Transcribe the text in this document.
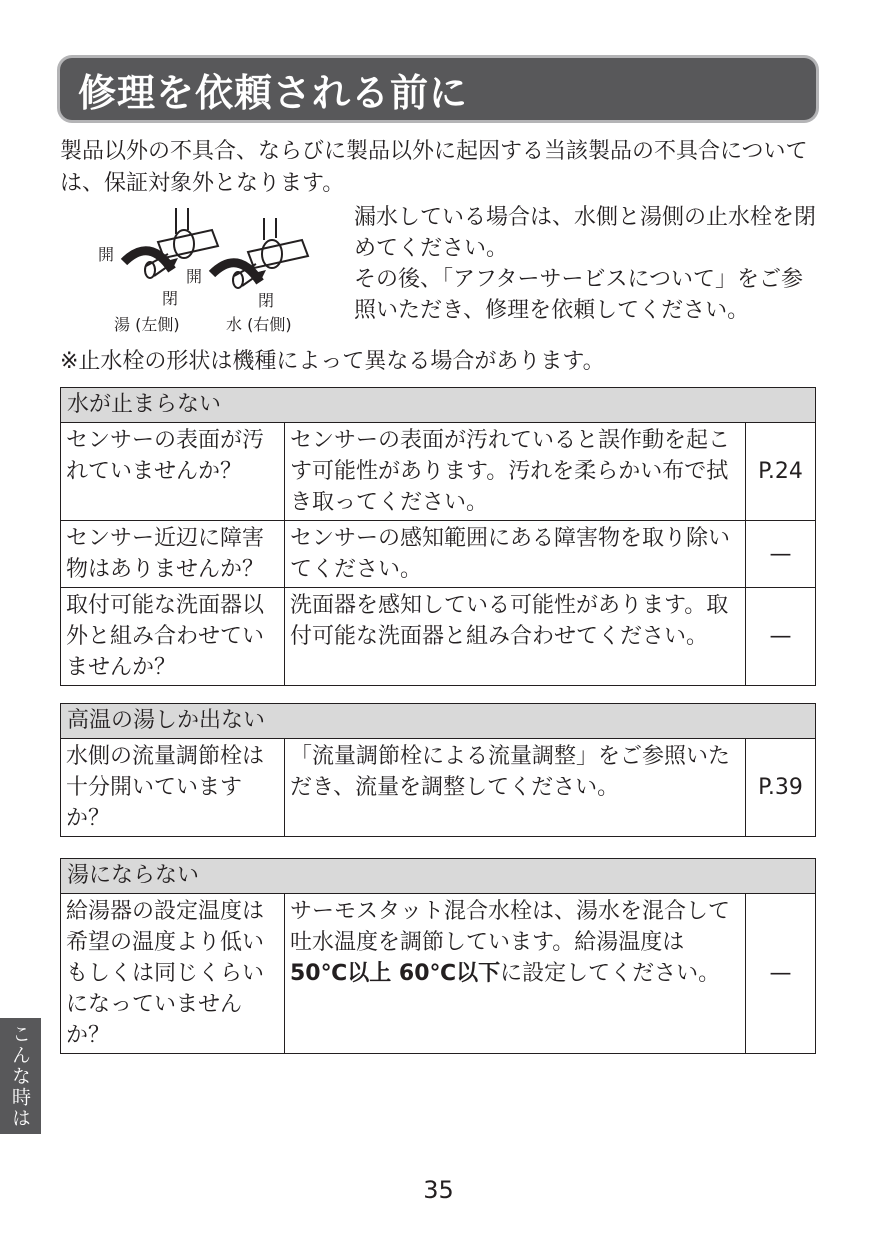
修理を依頼される前に
製品以外の不具合、ならびに製品以外に起因する当該製品の不具合については、保証対象外となります。
開
閉
開
閉
湯 (左側)	水 (右側)
漏水している場合は、水側と湯側の止水栓を閉めてください。
その後、「アフターサービスについて」をご参照いただき、修理を依頼してください。
※止水栓の形状は機種によって異なる場合があります。
水が止まらない		
センサーの表面が汚れていませんか？	センサーの表面が汚れていると誤作動を起こす可能性があります。汚れを柔らかい布で拭き取ってください。	P.24
センサー近辺に障害物はありませんか？	センサーの感知範囲にある障害物を取り除いてください。	—
取付可能な洗面器以外と組み合わせていませんか？	洗面器を感知している可能性があります。取付可能な洗面器と組み合わせてください。	—
高温の湯しか出ない
水側の流量調節栓は十分開いていますか？	「流量調節栓による流量調整」をご参照いただき、流量を調整してください。	P.39
湯にならない
給湯器の設定温度は希望の温度より低いもしくは同じくらいになっていませんか？	サーモスタット混合水栓は、湯水を混合して吐水温度を調節しています。給湯温度は50℃以上 60℃以下に設定してください。	—
こんな時は
35
